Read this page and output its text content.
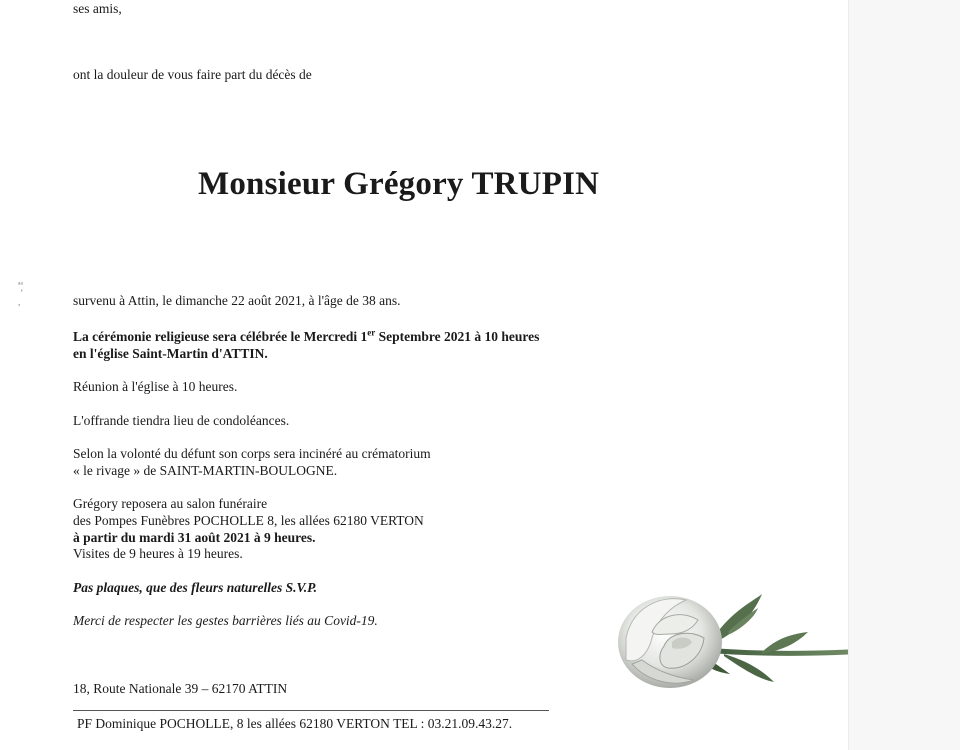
ses amis,
ont la douleur de vous faire part du décès de
Monsieur Grégory TRUPIN
ᵃᵃ
ʼ
,	survenu à Attin, le dimanche 22 août 2021, à l'âge de 38 ans.
La cérémonie religieuse sera célébrée le Mercredi 1er Septembre 2021 à 10 heures
en l'église Saint-Martin d'ATTIN.
Réunion à l'église à 10 heures.
L'offrande tiendra lieu de condoléances.
Selon la volonté du défunt son corps sera incinéré au crématorium
« le rivage » de SAINT-MARTIN-BOULOGNE.
Grégory reposera au salon funéraire
des Pompes Funèbres POCHOLLE 8, les allées 62180 VERTON
à partir du mardi 31 août 2021 à 9 heures.
Visites de 9 heures à 19 heures.
Pas plaques, que des fleurs naturelles S.V.P.
Merci de respecter les gestes barrières liés au Covid-19.
18, Route Nationale 39 – 62170 ATTIN
PF Dominique POCHOLLE, 8 les allées 62180 VERTON TEL : 03.21.09.43.27.
